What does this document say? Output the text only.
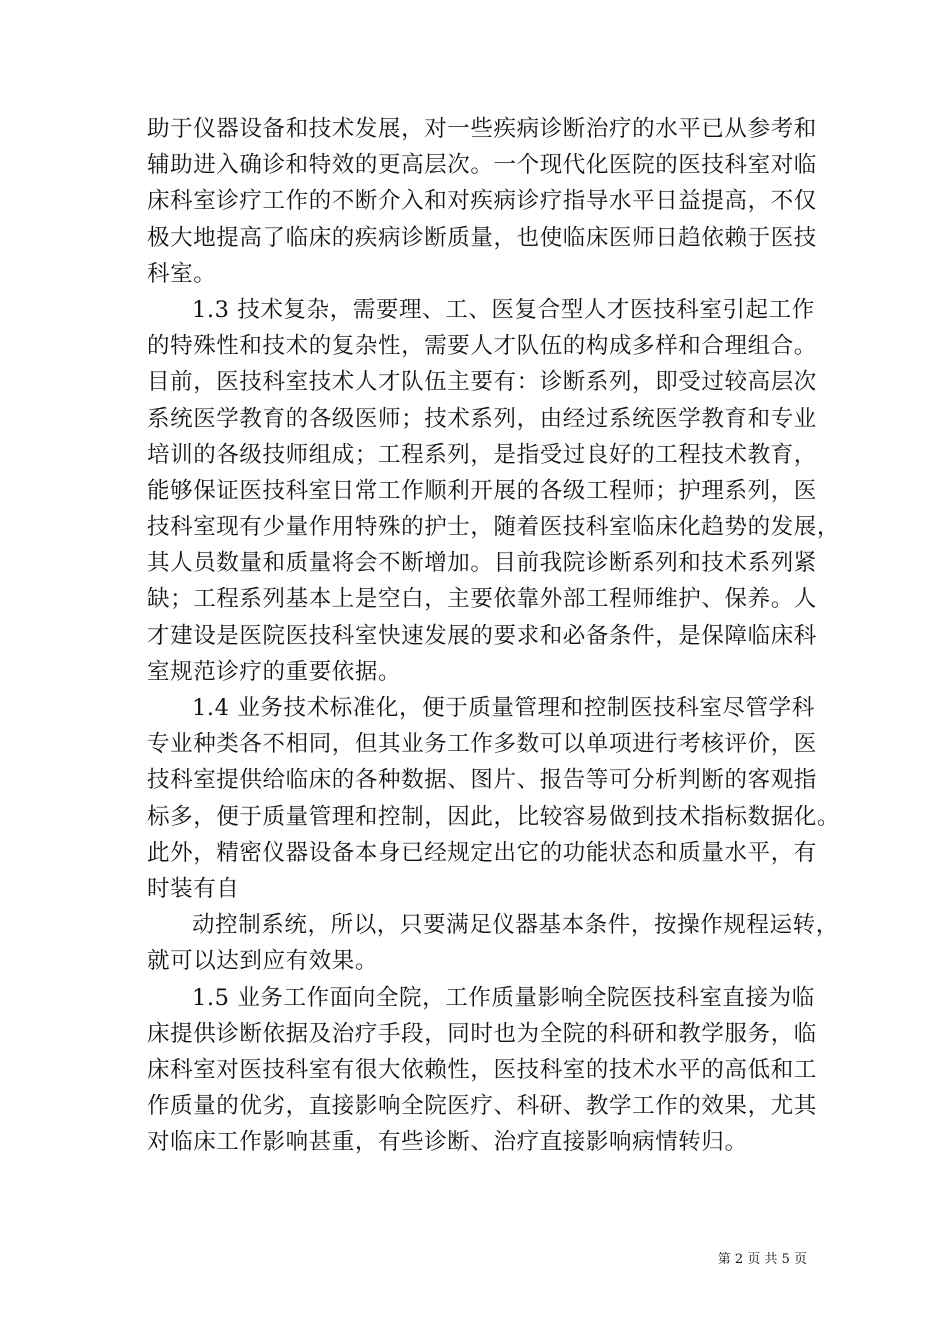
助于仪器设备和技术发展，对一些疾病诊断治疗的水平已从参考和
辅助进入确诊和特效的更高层次。一个现代化医院的医技科室对临
床科室诊疗工作的不断介入和对疾病诊疗指导水平日益提高，不仅
极大地提高了临床的疾病诊断质量，也使临床医师日趋依赖于医技
科室。
1.3 技术复杂，需要理、工、医复合型人才医技科室引起工作
的特殊性和技术的复杂性，需要人才队伍的构成多样和合理组合。
目前，医技科室技术人才队伍主要有：诊断系列，即受过较高层次
系统医学教育的各级医师；技术系列，由经过系统医学教育和专业
培训的各级技师组成；工程系列，是指受过良好的工程技术教育，
能够保证医技科室日常工作顺利开展的各级工程师；护理系列，医
技科室现有少量作用特殊的护士，随着医技科室临床化趋势的发展，
其人员数量和质量将会不断增加。目前我院诊断系列和技术系列紧
缺；工程系列基本上是空白，主要依靠外部工程师维护、保养。人
才建设是医院医技科室快速发展的要求和必备条件，是保障临床科
室规范诊疗的重要依据。
1.4 业务技术标准化，便于质量管理和控制医技科室尽管学科
专业种类各不相同，但其业务工作多数可以单项进行考核评价，医
技科室提供给临床的各种数据、图片、报告等可分析判断的客观指
标多，便于质量管理和控制，因此，比较容易做到技术指标数据化。
此外，精密仪器设备本身已经规定出它的功能状态和质量水平，有
时装有自
动控制系统，所以，只要满足仪器基本条件，按操作规程运转，
就可以达到应有效果。
1.5 业务工作面向全院，工作质量影响全院医技科室直接为临
床提供诊断依据及治疗手段，同时也为全院的科研和教学服务，临
床科室对医技科室有很大依赖性，医技科室的技术水平的高低和工
作质量的优劣，直接影响全院医疗、科研、教学工作的效果，尤其
对临床工作影响甚重，有些诊断、治疗直接影响病情转归。
第 2 页 共 5 页
